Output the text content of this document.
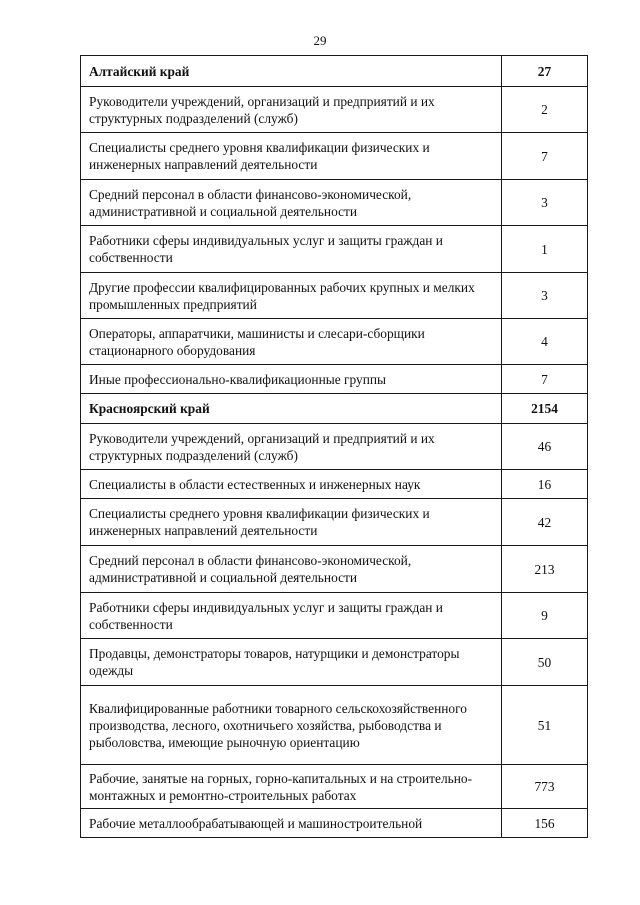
29
Алтайский край	27
Руководители учреждений, организаций и предприятий и их структурных подразделений (служб)	2
Специалисты среднего уровня квалификации физических и инженерных направлений деятельности	7
Средний персонал в области финансово-экономической, административной и социальной деятельности	3
Работники сферы индивидуальных услуг и защиты граждан и собственности	1
Другие профессии квалифицированных рабочих крупных и мелких промышленных предприятий	3
Операторы, аппаратчики, машинисты и слесари-сборщики стационарного оборудования	4
Иные профессионально-квалификационные группы	7
Красноярский край	2154
Руководители учреждений, организаций и предприятий и их структурных подразделений (служб)	46
Специалисты в области естественных и инженерных наук	16
Специалисты среднего уровня квалификации физических и инженерных направлений деятельности	42
Средний персонал в области финансово-экономической, административной и социальной деятельности	213
Работники сферы индивидуальных услуг и защиты граждан и собственности	9
Продавцы, демонстраторы товаров, натурщики и демонстраторы одежды	50
Квалифицированные работники товарного сельскохозяйственного производства, лесного, охотничьего хозяйства, рыбоводства и рыболовства, имеющие рыночную ориентацию	51
Рабочие, занятые на горных, горно-капитальных и на строительно-монтажных и ремонтно-строительных работах	773
Рабочие металлообрабатывающей и машиностроительной	156
